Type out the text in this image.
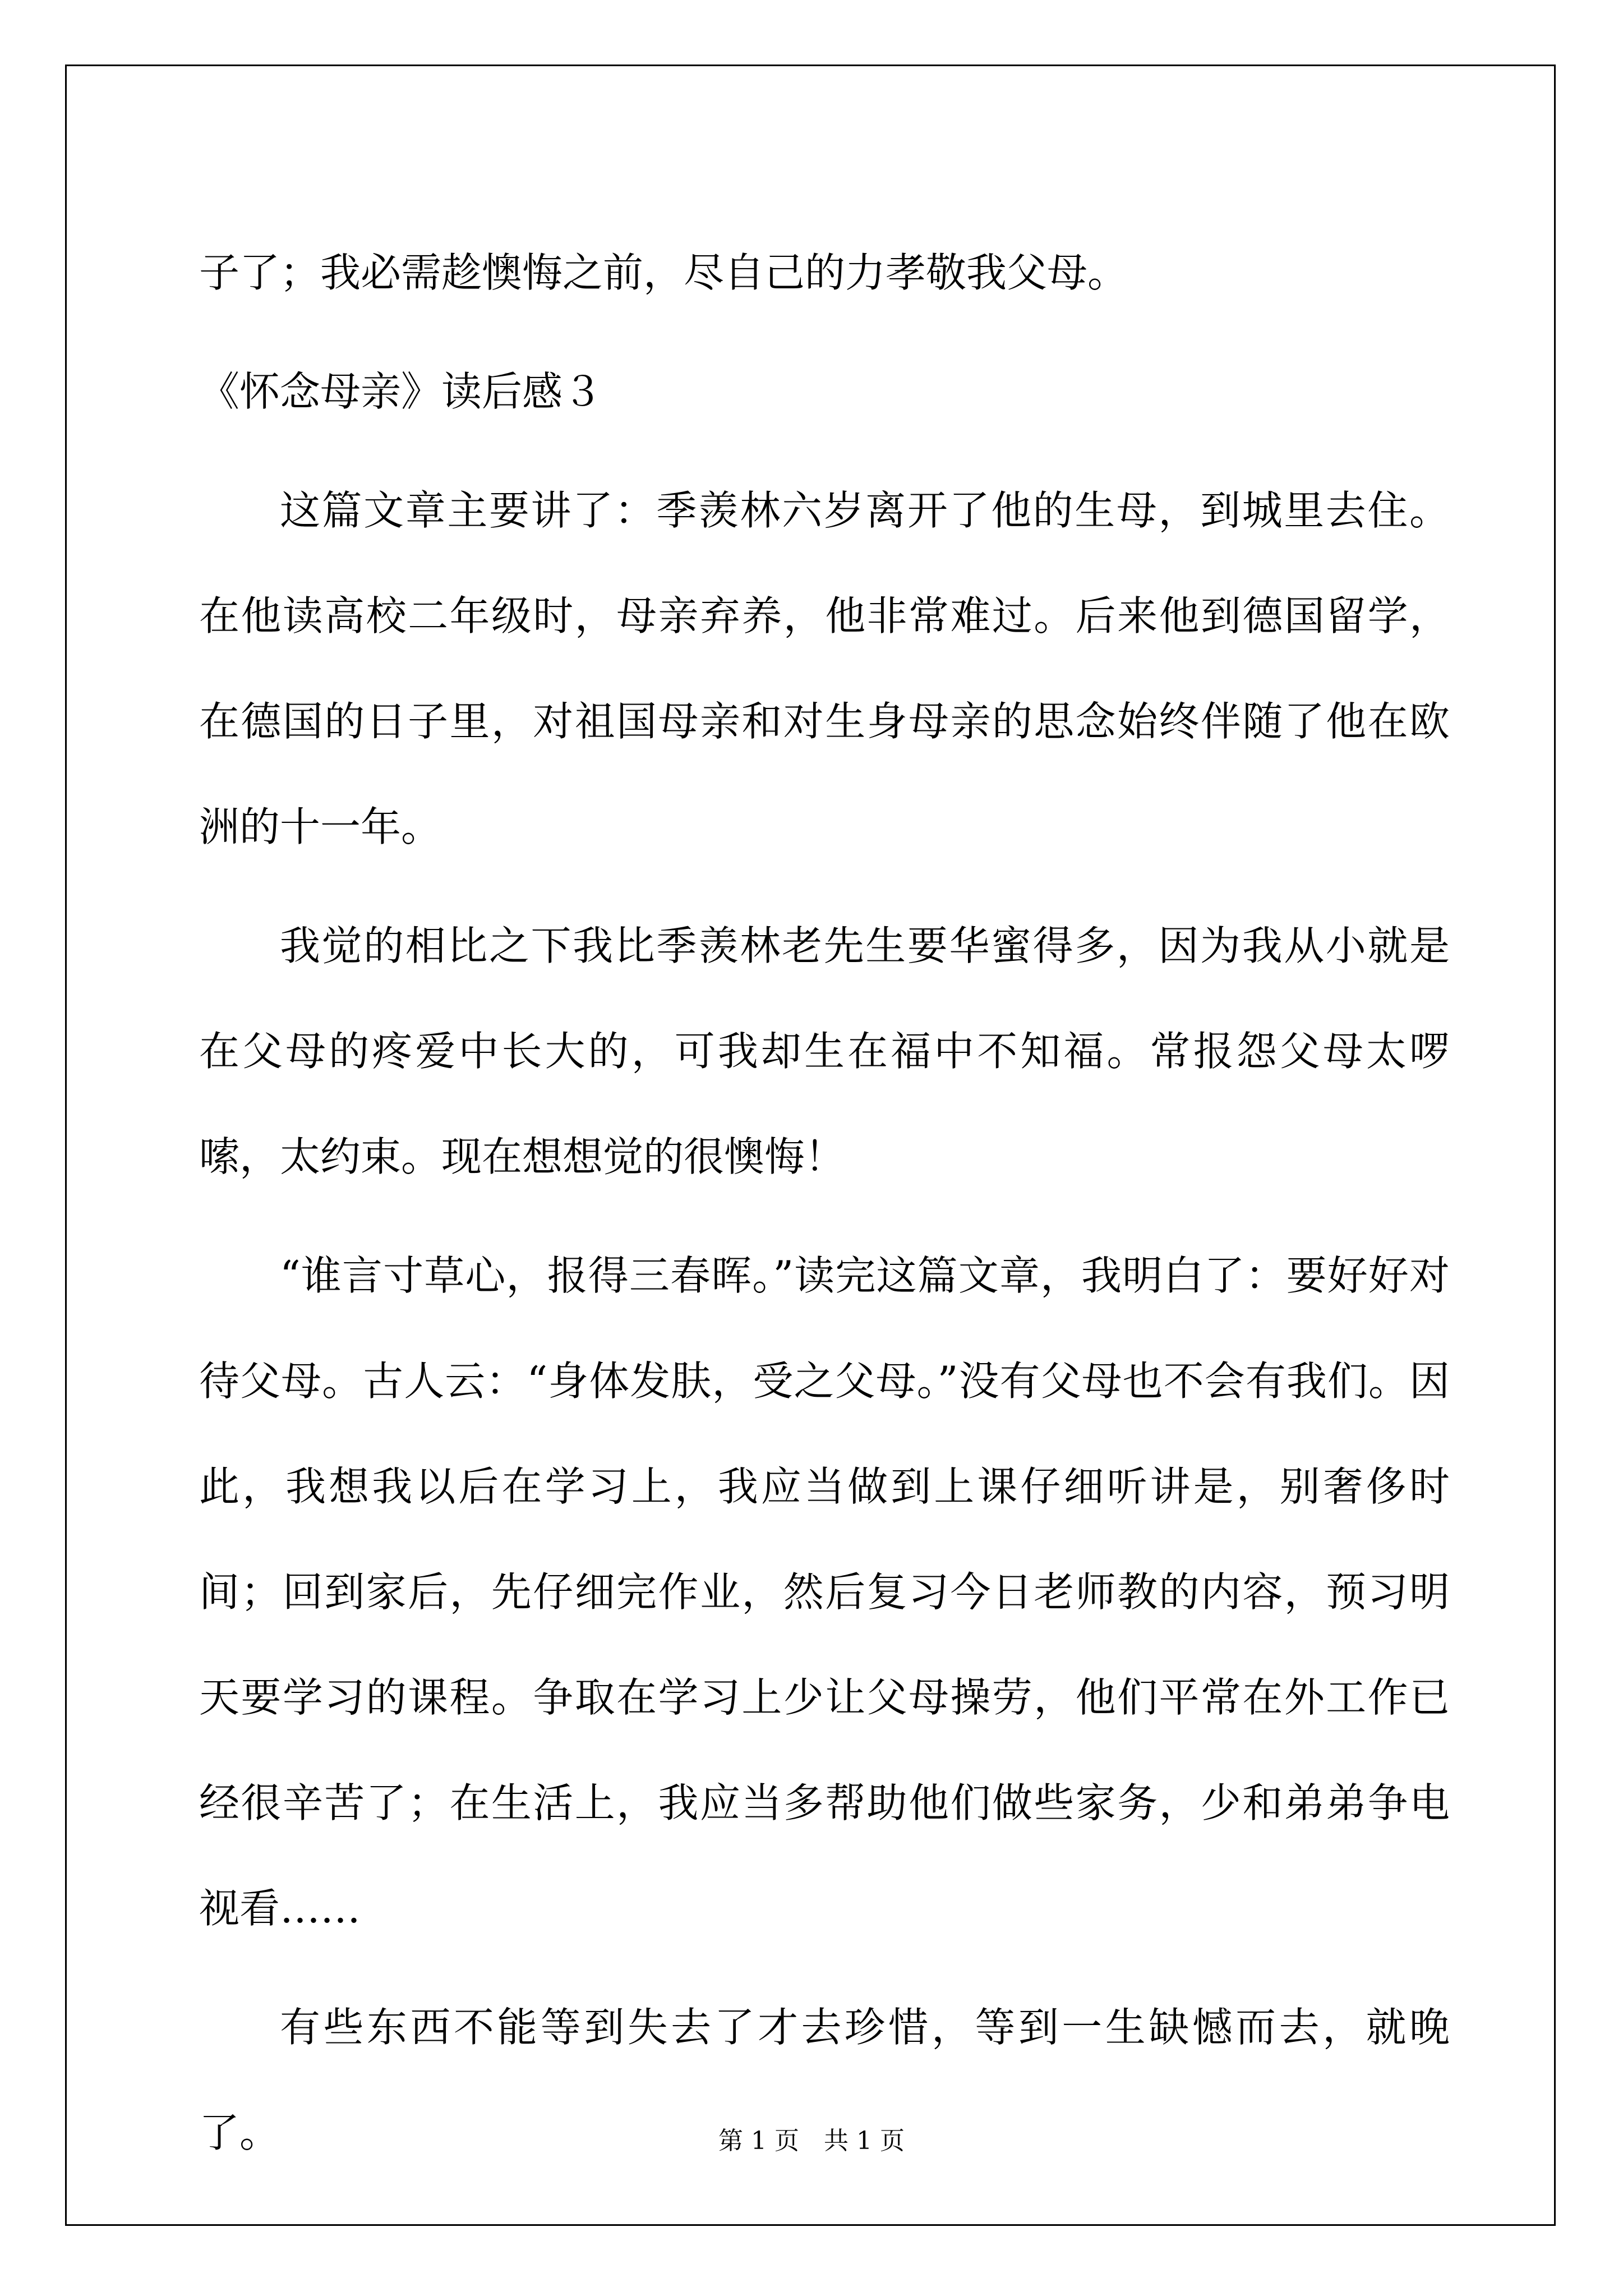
子了；我必需趁懊悔之前，尽自己的力孝敬我父母。

《怀念母亲》读后感３

这篇文章主要讲了：季羡林六岁离开了他的生母，到城里去住。在他读高校二年级时，母亲弃养，他非常难过。后来他到德国留学，在德国的日子里，对祖国母亲和对生身母亲的思念始终伴随了他在欧洲的十一年。

我觉的相比之下我比季羡林老先生要华蜜得多，因为我从小就是在父母的疼爱中长大的，可我却生在福中不知福。常报怨父母太啰嗦，太约束。现在想想觉的很懊悔！

“谁言寸草心，报得三春晖。”读完这篇文章，我明白了：要好好对待父母。古人云：“身体发肤，受之父母。”没有父母也不会有我们。因此，我想我以后在学习上，我应当做到上课仔细听讲是，别奢侈时间；回到家后，先仔细完作业，然后复习今日老师教的内容，预习明天要学习的课程。争取在学习上少让父母操劳，他们平常在外工作已经很辛苦了；在生活上，我应当多帮助他们做些家务，少和弟弟争电视看……

有些东西不能等到失去了才去珍惜，等到一生缺憾而去，就晚了。	第 1 页　共 1 页
